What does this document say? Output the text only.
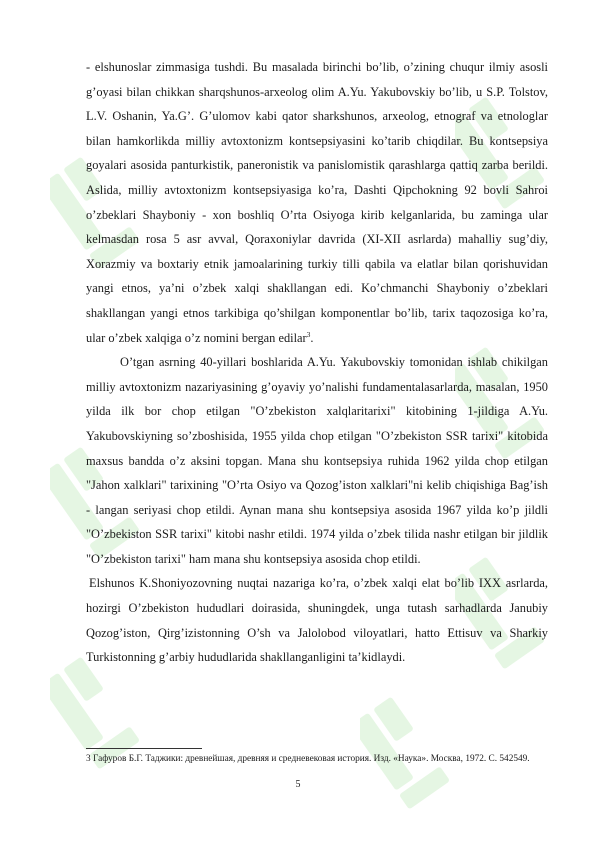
- elshunoslar zimmasiga tushdi. Bu masalada birinchi bo’lib, o’zining chuqur ilmiy asosli g’oyasi bilan chikkan sharqshunos-arxeolog olim A.Yu. Yakubovskiy bo’lib, u S.P. Tolstov, L.V. Oshanin, Ya.G’. G’ulomov kabi qator sharkshunos, arxeolog, etnograf va etnologlar bilan hamkorlikda milliy avtoxtonizm kontsepsiyasini ko’tarib chiqdilar. Bu kontsepsiya goyalari asosida panturkistik, paneronistik va panislomistik qarashlarga qattiq zarba berildi. Aslida, milliy avtoxtonizm kontsepsiyasiga ko’ra, Dashti Qipchokning 92 bovli Sahroi o’zbeklari Shayboniy - xon boshliq O’rta Osiyoga kirib kelganlarida, bu zaminga ular kelmasdan rosa 5 asr avval, Qoraxoniylar davrida (XI-XII asrlarda) mahalliy sug’diy, Xorazmiy va boxtariy etnik jamoalarining turkiy tilli qabila va elatlar bilan qorishuvidan yangi etnos, ya’ni o’zbek xalqi shakllangan edi. Ko’chmanchi Shayboniy o’zbeklari shakllangan yangi etnos tarkibiga qo’shilgan komponentlar bo’lib, tarix taqozosiga ko’ra, ular o’zbek xalqiga o’z nomini bergan edilar$^3$.

O’tgan asrning 40-yillari boshlarida A.Yu. Yakubovskiy tomonidan ishlab chikilgan milliy avtoxtonizm nazariyasining g’oyaviy yo’nalishi fundamentalasarlarda, masalan, 1950 yilda ilk bor chop etilgan "O’zbekiston xalqlaritarixi" kitobining 1-jildiga A.Yu. Yakubovskiyning so’zboshisida, 1955 yilda chop etilgan "O’zbekiston SSR tarixi" kitobida maxsus bandda o’z aksini topgan. Mana shu kontsepsiya ruhida 1962 yilda chop etilgan "Jahon xalklari" tarixining "O’rta Osiyo va Qozog’iston xalklari"ni kelib chiqishiga Bag’ish - langan seriyasi chop etildi. Aynan mana shu kontsepsiya asosida 1967 yilda ko’p jildli "O’zbekiston SSR tarixi" kitobi nashr etildi. 1974 yilda o’zbek tilida nashr etilgan bir jildlik "O’zbekiston tarixi" ham mana shu kontsepsiya asosida chop etildi.

Elshunos K.Shoniyozovning nuqtai nazariga ko’ra, o’zbek xalqi elat bo’lib IXX asrlarda, hozirgi O’zbekiston hududlari doirasida, shuningdek, unga tutash sarhadlarda Janubiy Qozog’iston, Qirg’izistonning O’sh va Jalolobod viloyatlari, hatto Ettisuv va Sharkiy Turkistonning g’arbiy hududlarida shakllanganligini ta’kidlaydi.

3 Гафуров Б.Г. Таджики: древнейшая, древняя и средневековая история. Изд. «Наука». Москва, 1972. С. 542549.
5
